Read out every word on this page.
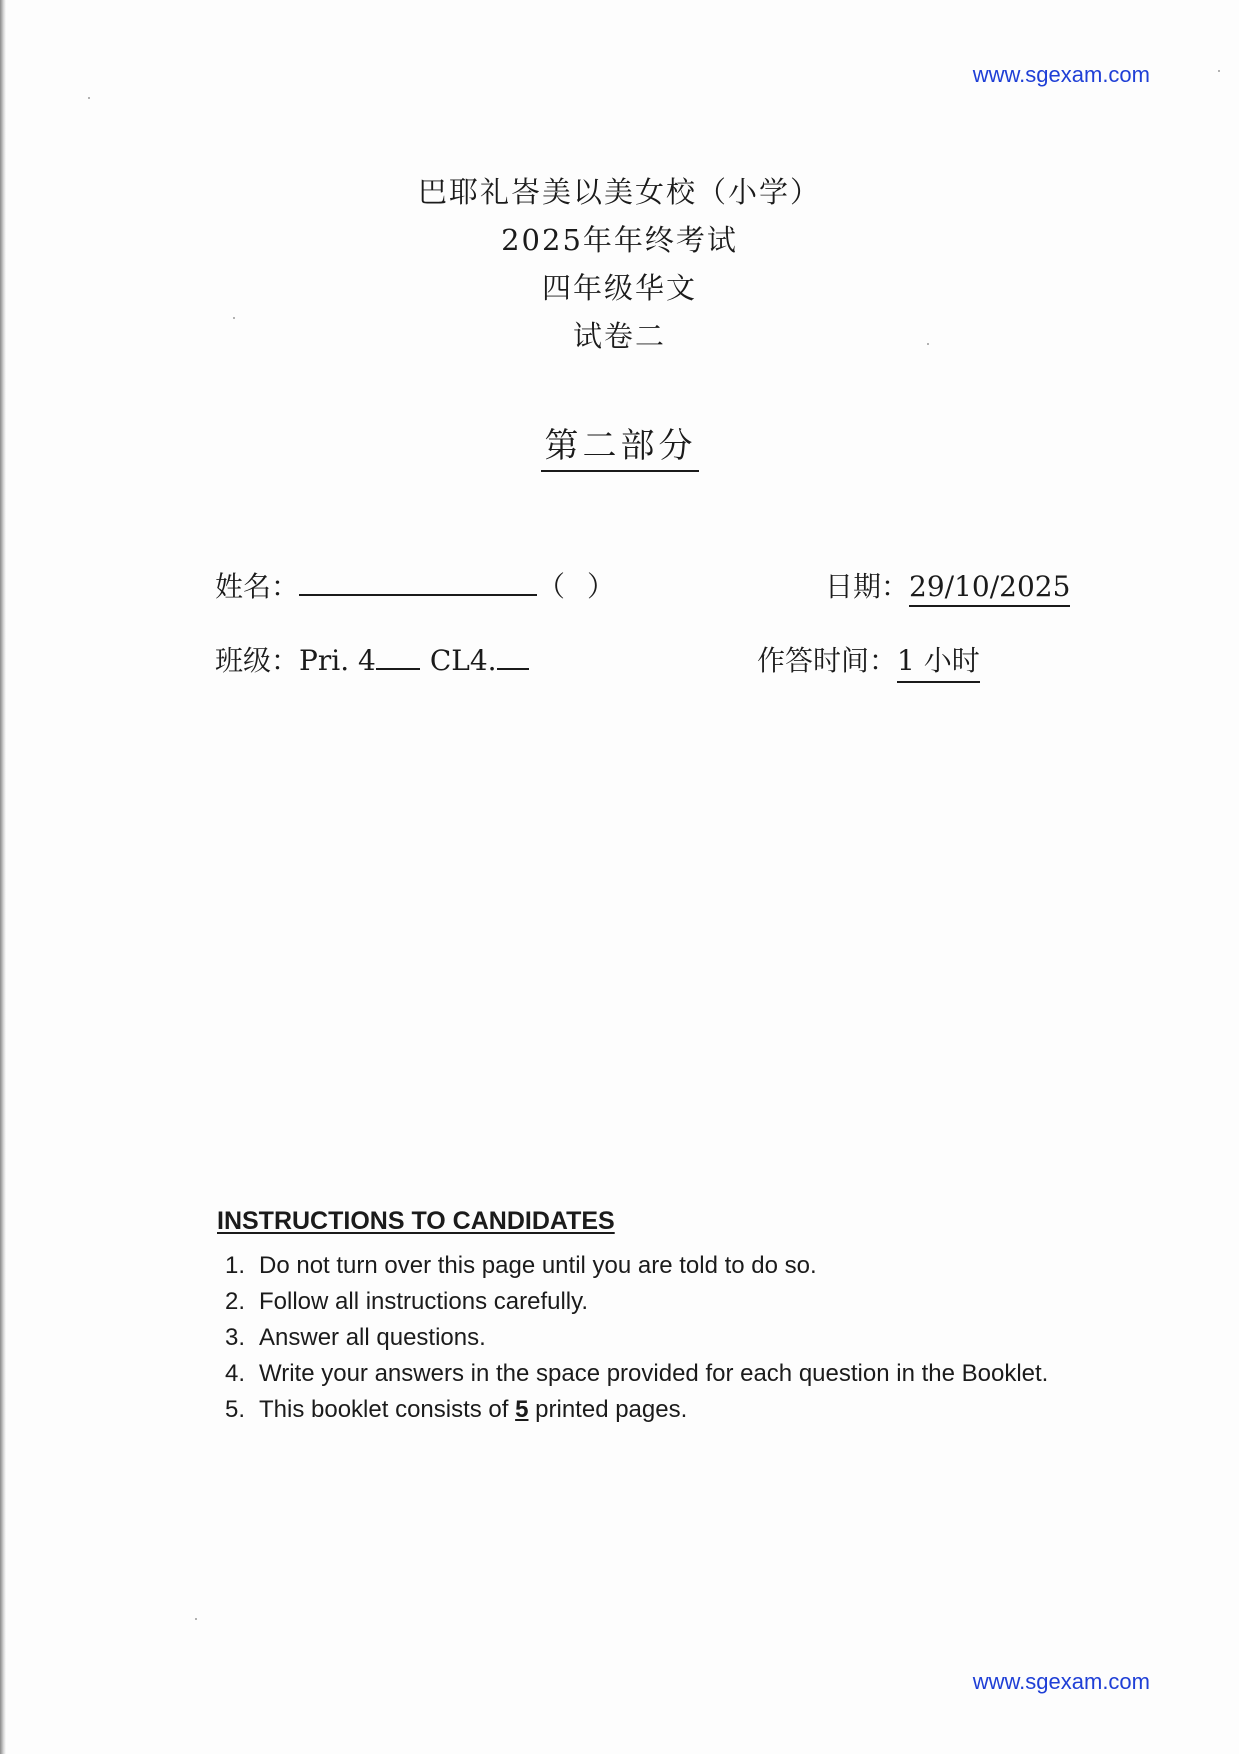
www.sgexam.com
巴耶礼峇美以美女校（小学）
2025年年终考试
四年级华文
试卷二
第二部分
姓名：	（ ）	日期：29/10/2025
班级：Pri. 4 CL4.	作答时间：1 小时
INSTRUCTIONS TO CANDIDATES
1. Do not turn over this page until you are told to do so.
2. Follow all instructions carefully.
3. Answer all questions.
4. Write your answers in the space provided for each question in the Booklet.
5. This booklet consists of 5 printed pages.
www.sgexam.com
